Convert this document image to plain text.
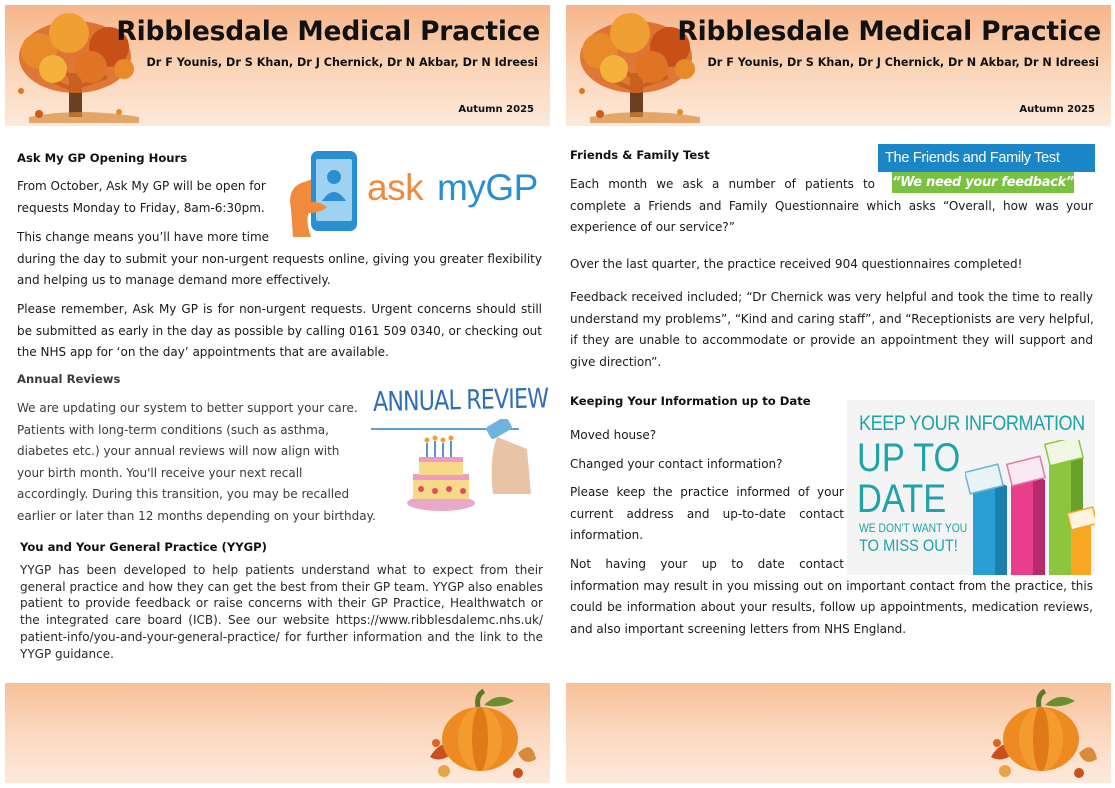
Ribblesdale Medical Practice
Dr F Younis, Dr S Khan, Dr J Chernick, Dr N Akbar, Dr N Idreesi
Autumn 2025
Ask My GP Opening Hours
ask myGP
From October, Ask My GP will be open for
requests Monday to Friday, 8am-6:30pm.
This change means you’ll have more time
during the day to submit your non-urgent requests online, giving you greater flexibility
and helping us to manage demand more effectively.
Please remember, Ask My GP is for non-urgent requests. Urgent concerns should still
be submitted as early in the day as possible by calling 0161 509 0340, or checking out
the NHS app for ‘on the day’ appointments that are available.
Annual Reviews
ANNUAL REVIEW
We are updating our system to better support your care.
Patients with long-term conditions (such as asthma,
diabetes etc.) your annual reviews will now align with
your birth month. You'll receive your next recall
accordingly. During this transition, you may be recalled
earlier or later than 12 months depending on your birthday.
You and Your General Practice (YYGP)
YYGP has been developed to help patients understand what to expect from their
general practice and how they can get the best from their GP team. YYGP also enables
patient to provide feedback or raise concerns with their GP Practice, Healthwatch or
the integrated care board (ICB). See our website https://www.ribblesdalemc.nhs.uk/
patient-info/you-and-your-general-practice/ for further information and the link to the
YYGP guidance.
Ribblesdale Medical Practice
Dr F Younis, Dr S Khan, Dr J Chernick, Dr N Akbar, Dr N Idreesi
Autumn 2025
Friends & Family Test	The Friends and Family Test
“We need your feedback”
Each month we ask a number of patients to
complete a Friends and Family Questionnaire which asks “Overall, how was your
experience of our service?”
Over the last quarter, the practice received 904 questionnaires completed!
Feedback received included; “Dr Chernick was very helpful and took the time to really
understand my problems”, “Kind and caring staff”, and “Receptionists are very helpful,
if they are unable to accommodate or provide an appointment they will support and
give direction”.
Keeping Your Information up to Date
KEEP YOUR INFORMATION
UP TO
DATE
WE DON'T WANT YOU
TO MISS OUT!
Moved house?
Changed your contact information?
Please keep the practice informed of your
current address and up-to-date contact
information.
Not having your up to date contact
information may result in you missing out on important contact from the practice, this
could be information about your results, follow up appointments, medication reviews,
and also important screening letters from NHS England.
